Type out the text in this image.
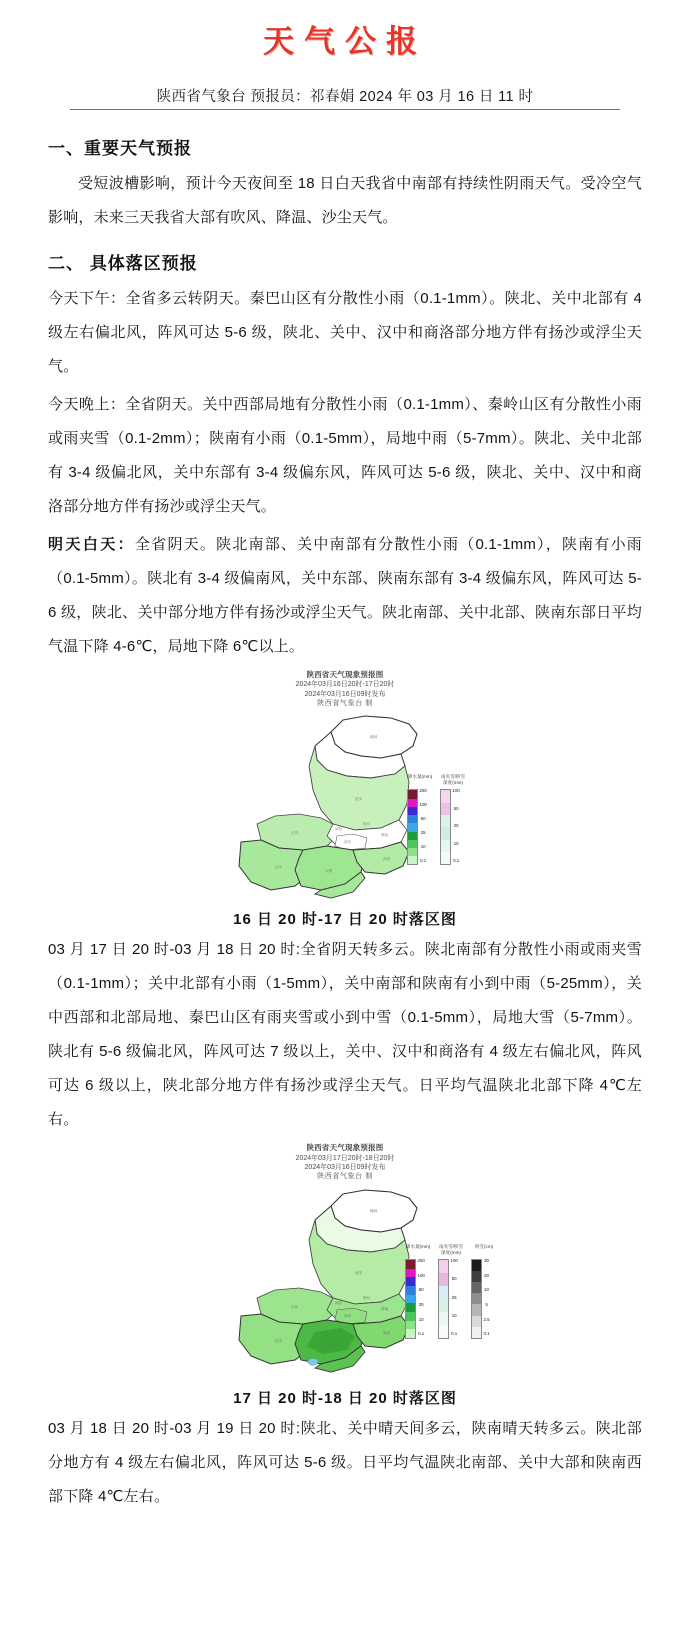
天气公报
陕西省气象台 预报员：祁春娟 2024 年 03 月 16 日 11 时
一、重要天气预报

受短波槽影响，预计今天夜间至 18 日白天我省中南部有持续性阴雨天气。受冷空气影响，未来三天我省大部有吹风、降温、沙尘天气。

二、 具体落区预报

今天下午：全省多云转阴天。秦巴山区有分散性小雨（0.1-1mm）。陕北、关中北部有 4 级左右偏北风，阵风可达 5-6 级，陕北、关中、汉中和商洛部分地方伴有扬沙或浮尘天气。

今天晚上：全省阴天。关中西部局地有分散性小雨（0.1-1mm）、秦岭山区有分散性小雨或雨夹雪（0.1-2mm）；陕南有小雨（0.1-5mm），局地中雨（5-7mm）。陕北、关中北部有 3-4 级偏北风，关中东部有 3-4 级偏东风，阵风可达 5-6 级，陕北、关中、汉中和商洛部分地方伴有扬沙或浮尘天气。

明天白天：全省阴天。陕北南部、关中南部有分散性小雨（0.1-1mm），陕南有小雨（0.1-5mm）。陕北有 3-4 级偏南风，关中东部、陕南东部有 3-4 级偏东风，阵风可达 5-6 级，陕北、关中部分地方伴有扬沙或浮尘天气。陕北南部、关中北部、陕南东部日平均气温下降 4-6℃，局地下降 6℃以上。

陕西省天气现象预报图
2024年03月16日20时-17日20时
2024年03月16日09时发布
陕西省气象台 制
榆林
延安
铜川
宝鸡
咸阳
西安
渭南
汉中
安康
商洛
降水量(mm)
250
100
50
25
10
0.1
雨夹雪/积雪深度(mm)
100
50
25
10
0.1
16 日 20 时-17 日 20 时落区图

03 月 17 日 20 时-03 月 18 日 20 时:全省阴天转多云。陕北南部有分散性小雨或雨夹雪（0.1-1mm）；关中北部有小雨（1-5mm），关中南部和陕南有小到中雨（5-25mm），关中西部和北部局地、秦巴山区有雨夹雪或小到中雪（0.1-5mm），局地大雪（5-7mm）。陕北有 5-6 级偏北风，阵风可达 7 级以上，关中、汉中和商洛有 4 级左右偏北风，阵风可达 6 级以上，陕北部分地方伴有扬沙或浮尘天气。日平均气温陕北北部下降 4℃左右。

陕西省天气现象预报图
2024年03月17日20时-18日20时
2024年03月16日09时发布
陕西省气象台 制
榆林
延安
铜川
宝鸡
咸阳
西安
渭南
汉中
安康
商洛
降水量(mm)
250
100
50
25
10
0.1
雨夹雪/积雪深度(mm)
100
50
25
10
0.1
积雪(cm)
30
20
10
5
2.5
0.1
17 日 20 时-18 日 20 时落区图

03 月 18 日 20 时-03 月 19 日 20 时:陕北、关中晴天间多云，陕南晴天转多云。陕北部分地方有 4 级左右偏北风，阵风可达 5-6 级。日平均气温陕北南部、关中大部和陕南西部下降 4℃左右。
